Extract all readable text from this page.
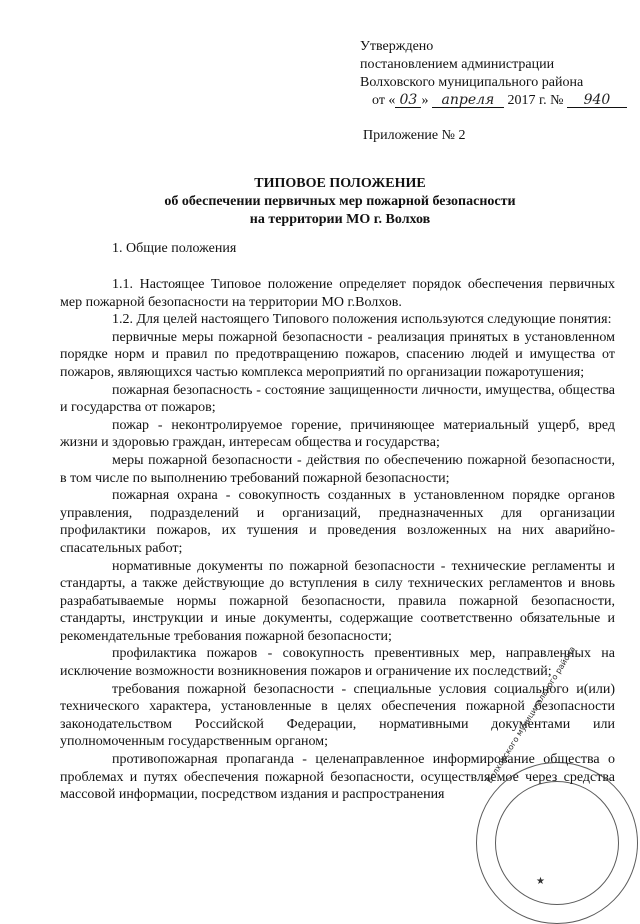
Утверждено
постановлением администрации
Волховского муниципального района
от « 03 » апреля 2017 г. № 940
Приложение № 2
ТИПОВОЕ ПОЛОЖЕНИЕ
об обеспечении первичных мер пожарной безопасности
на территории МО г. Волхов
1. Общие положения

1.1. Настоящее Типовое положение определяет порядок обеспечения первичных мер пожарной безопасности на территории МО г.Волхов.

1.2. Для целей настоящего Типового положения используются следующие понятия:

первичные меры пожарной безопасности - реализация принятых в установленном порядке норм и правил по предотвращению пожаров, спасению людей и имущества от пожаров, являющихся частью комплекса мероприятий по организации пожаротушения;

пожарная безопасность - состояние защищенности личности, имущества, общества и государства от пожаров;

пожар - неконтролируемое горение, причиняющее материальный ущерб, вред жизни и здоровью граждан, интересам общества и государства;

меры пожарной безопасности - действия по обеспечению пожарной безопасности, в том числе по выполнению требований пожарной безопасности;

пожарная охрана - совокупность созданных в установленном порядке органов управления, подразделений и организаций, предназначенных для организации профилактики пожаров, их тушения и проведения возложенных на них аварийно-спасательных работ;

нормативные документы по пожарной безопасности - технические регламенты и стандарты, а также действующие до вступления в силу технических регламентов и вновь разрабатываемые нормы пожарной безопасности, правила пожарной безопасности, стандарты, инструкции и иные документы, содержащие соответственно обязательные и рекомендательные требования пожарной безопасности;

профилактика пожаров - совокупность превентивных мер, направленных на исключение возможности возникновения пожаров и ограничение их последствий;

требования пожарной безопасности - специальные условия социального и(или) технического характера, установленные в целях обеспечения пожарной безопасности законодательством Российской Федерации, нормативными документами или уполномоченным государственным органом;

противопожарная пропаганда - целенаправленное информирование общества о проблемах и путях обеспечения пожарной безопасности, осуществляемое через средства массовой информации, посредством издания и распространения

Волховского муниципального района
★
